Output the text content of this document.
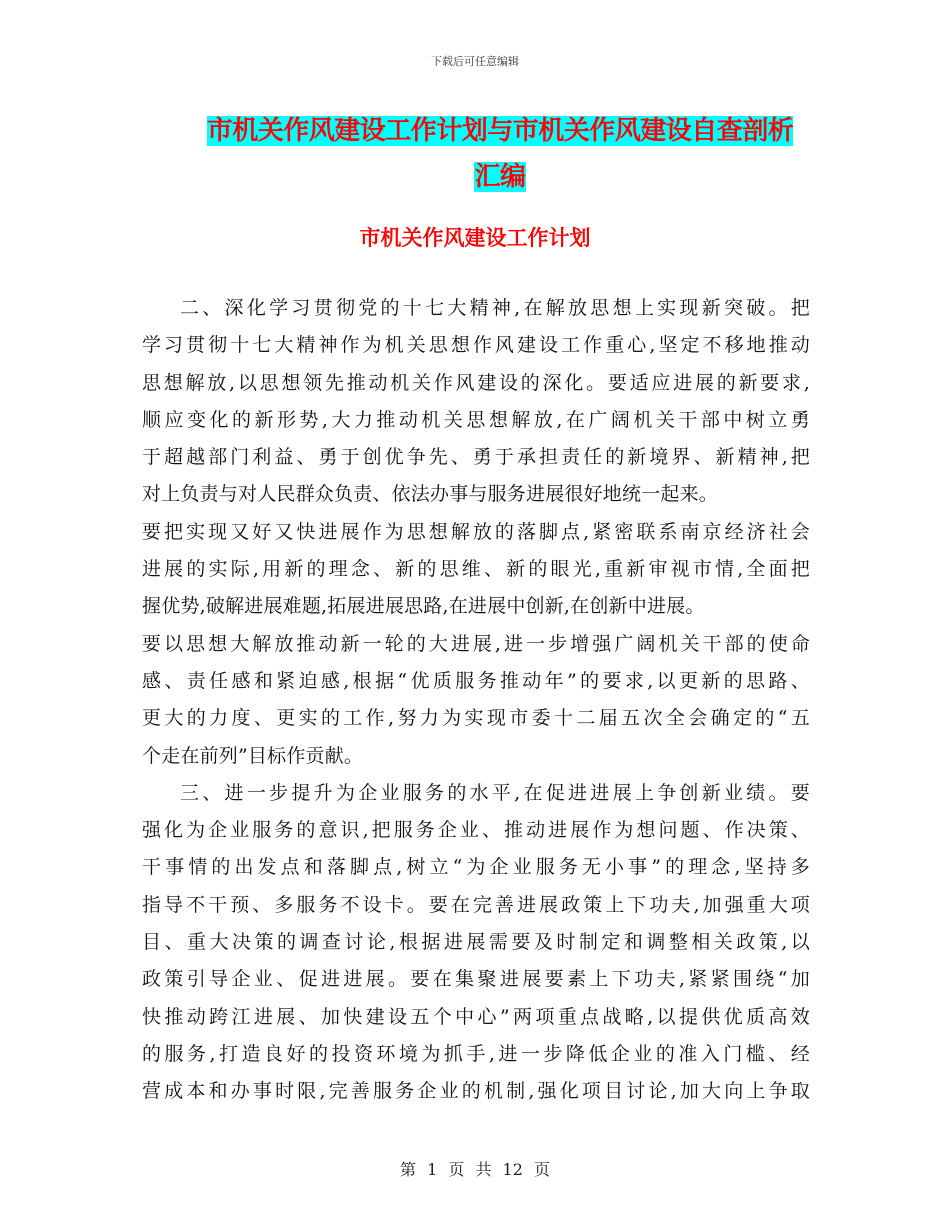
下载后可任意编辑
市机关作风建设工作计划与市机关作风建设自查剖析
汇编
市机关作风建设工作计划
二、深化学习贯彻党的十七大精神,在解放思想上实现新突破。把
学习贯彻十七大精神作为机关思想作风建设工作重心,坚定不移地推动
思想解放,以思想领先推动机关作风建设的深化。要适应进展的新要求,
顺应变化的新形势,大力推动机关思想解放,在广阔机关干部中树立勇
于超越部门利益、勇于创优争先、勇于承担责任的新境界、新精神,把
对上负责与对人民群众负责、依法办事与服务进展很好地统一起来。
要把实现又好又快进展作为思想解放的落脚点,紧密联系南京经济社会
进展的实际,用新的理念、新的思维、新的眼光,重新审视市情,全面把
握优势,破解进展难题,拓展进展思路,在进展中创新,在创新中进展。
要以思想大解放推动新一轮的大进展,进一步增强广阔机关干部的使命
感、责任感和紧迫感,根据“优质服务推动年”的要求,以更新的思路、
更大的力度、更实的工作,努力为实现市委十二届五次全会确定的“五
个走在前列”目标作贡献。
三、进一步提升为企业服务的水平,在促进进展上争创新业绩。要
强化为企业服务的意识,把服务企业、推动进展作为想问题、作决策、
干事情的出发点和落脚点,树立“为企业服务无小事”的理念,坚持多
指导不干预、多服务不设卡。要在完善进展政策上下功夫,加强重大项
目、重大决策的调查讨论,根据进展需要及时制定和调整相关政策,以
政策引导企业、促进进展。要在集聚进展要素上下功夫,紧紧围绕“加
快推动跨江进展、加快建设五个中心”两项重点战略,以提供优质高效
的服务,打造良好的投资环境为抓手,进一步降低企业的准入门槛、经
营成本和办事时限,完善服务企业的机制,强化项目讨论,加大向上争取
第 1 页 共 12 页
